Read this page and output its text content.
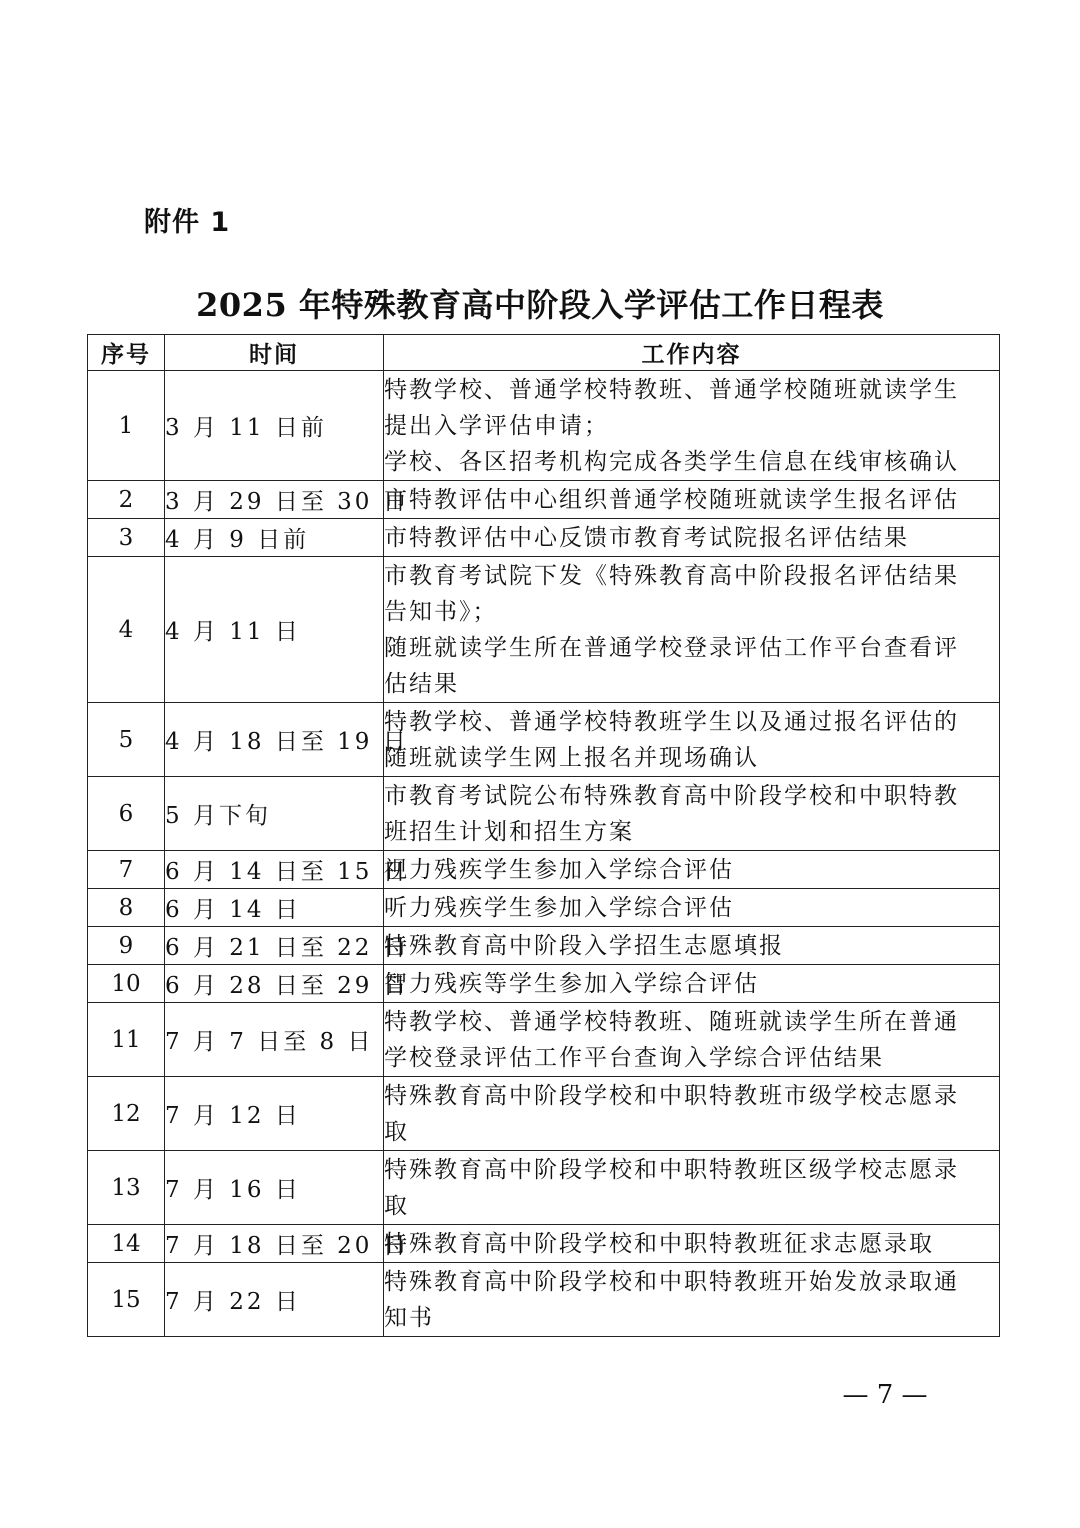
附件 1
2025 年特殊教育高中阶段入学评估工作日程表
序号	时间	工作内容
1	3 月 11 日前	特教学校、普通学校特教班、普通学校随班就读学生
提出入学评估申请；
学校、各区招考机构完成各类学生信息在线审核确认

2	3 月 29 日至 30 日	市特教评估中心组织普通学校随班就读学生报名评估

3	4 月 9 日前	市特教评估中心反馈市教育考试院报名评估结果

4	4 月 11 日	市教育考试院下发《特殊教育高中阶段报名评估结果
告知书》；
随班就读学生所在普通学校登录评估工作平台查看评
估结果

5	4 月 18 日至 19 日	特教学校、普通学校特教班学生以及通过报名评估的
随班就读学生网上报名并现场确认

6	5 月下旬	市教育考试院公布特殊教育高中阶段学校和中职特教
班招生计划和招生方案

7	6 月 14 日至 15 日	视力残疾学生参加入学综合评估

8	6 月 14 日	听力残疾学生参加入学综合评估

9	6 月 21 日至 22 日	特殊教育高中阶段入学招生志愿填报

10	6 月 28 日至 29 日	智力残疾等学生参加入学综合评估

11	7 月 7 日至 8 日	特教学校、普通学校特教班、随班就读学生所在普通
学校登录评估工作平台查询入学综合评估结果

12	7 月 12 日	特殊教育高中阶段学校和中职特教班市级学校志愿录
取

13	7 月 16 日	特殊教育高中阶段学校和中职特教班区级学校志愿录
取

14	7 月 18 日至 20 日	特殊教育高中阶段学校和中职特教班征求志愿录取

15	7 月 22 日	特殊教育高中阶段学校和中职特教班开始发放录取通
知书
— 7 —
